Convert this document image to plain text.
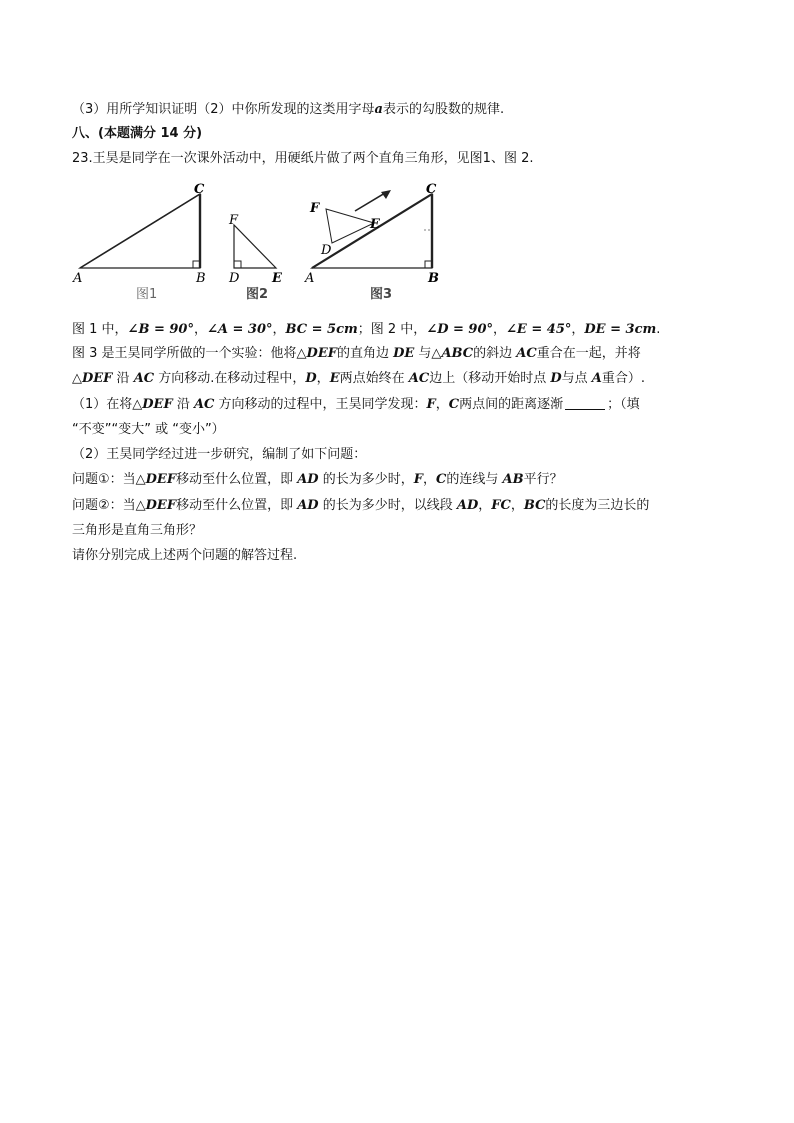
（3）用所学知识证明（2）中你所发现的这类用字母a表示的勾股数的规律.
八、(本题满分 14 分)
23.王昊是同学在一次课外活动中，用硬纸片做了两个直角三角形，见图1、图 2.
A	B
C
图1
F
D	E
图2
F
E
D
A	B
C
图3
图 1 中，∠B = 90°，∠A = 30°，BC = 5cm；图 2 中，∠D = 90°，∠E = 45°，DE = 3cm.
图 3 是王昊同学所做的一个实验：他将△DEF的直角边 DE 与△ABC的斜边 AC重合在一起，并将
△DEF 沿 AC 方向移动.在移动过程中，D，E两点始终在 AC边上（移动开始时点 D与点 A重合）.
（1）在将△DEF 沿 AC 方向移动的过程中，王昊同学发现：F，C两点间的距离逐渐	；（填
“不变”“变大” 或 “变小”）
（2）王昊同学经过进一步研究，编制了如下问题：
问题①：当△DEF移动至什么位置，即 AD 的长为多少时，F，C的连线与 AB平行？
问题②：当△DEF移动至什么位置，即 AD 的长为多少时，以线段 AD，FC，BC的长度为三边长的
三角形是直角三角形？
请你分别完成上述两个问题的解答过程.
